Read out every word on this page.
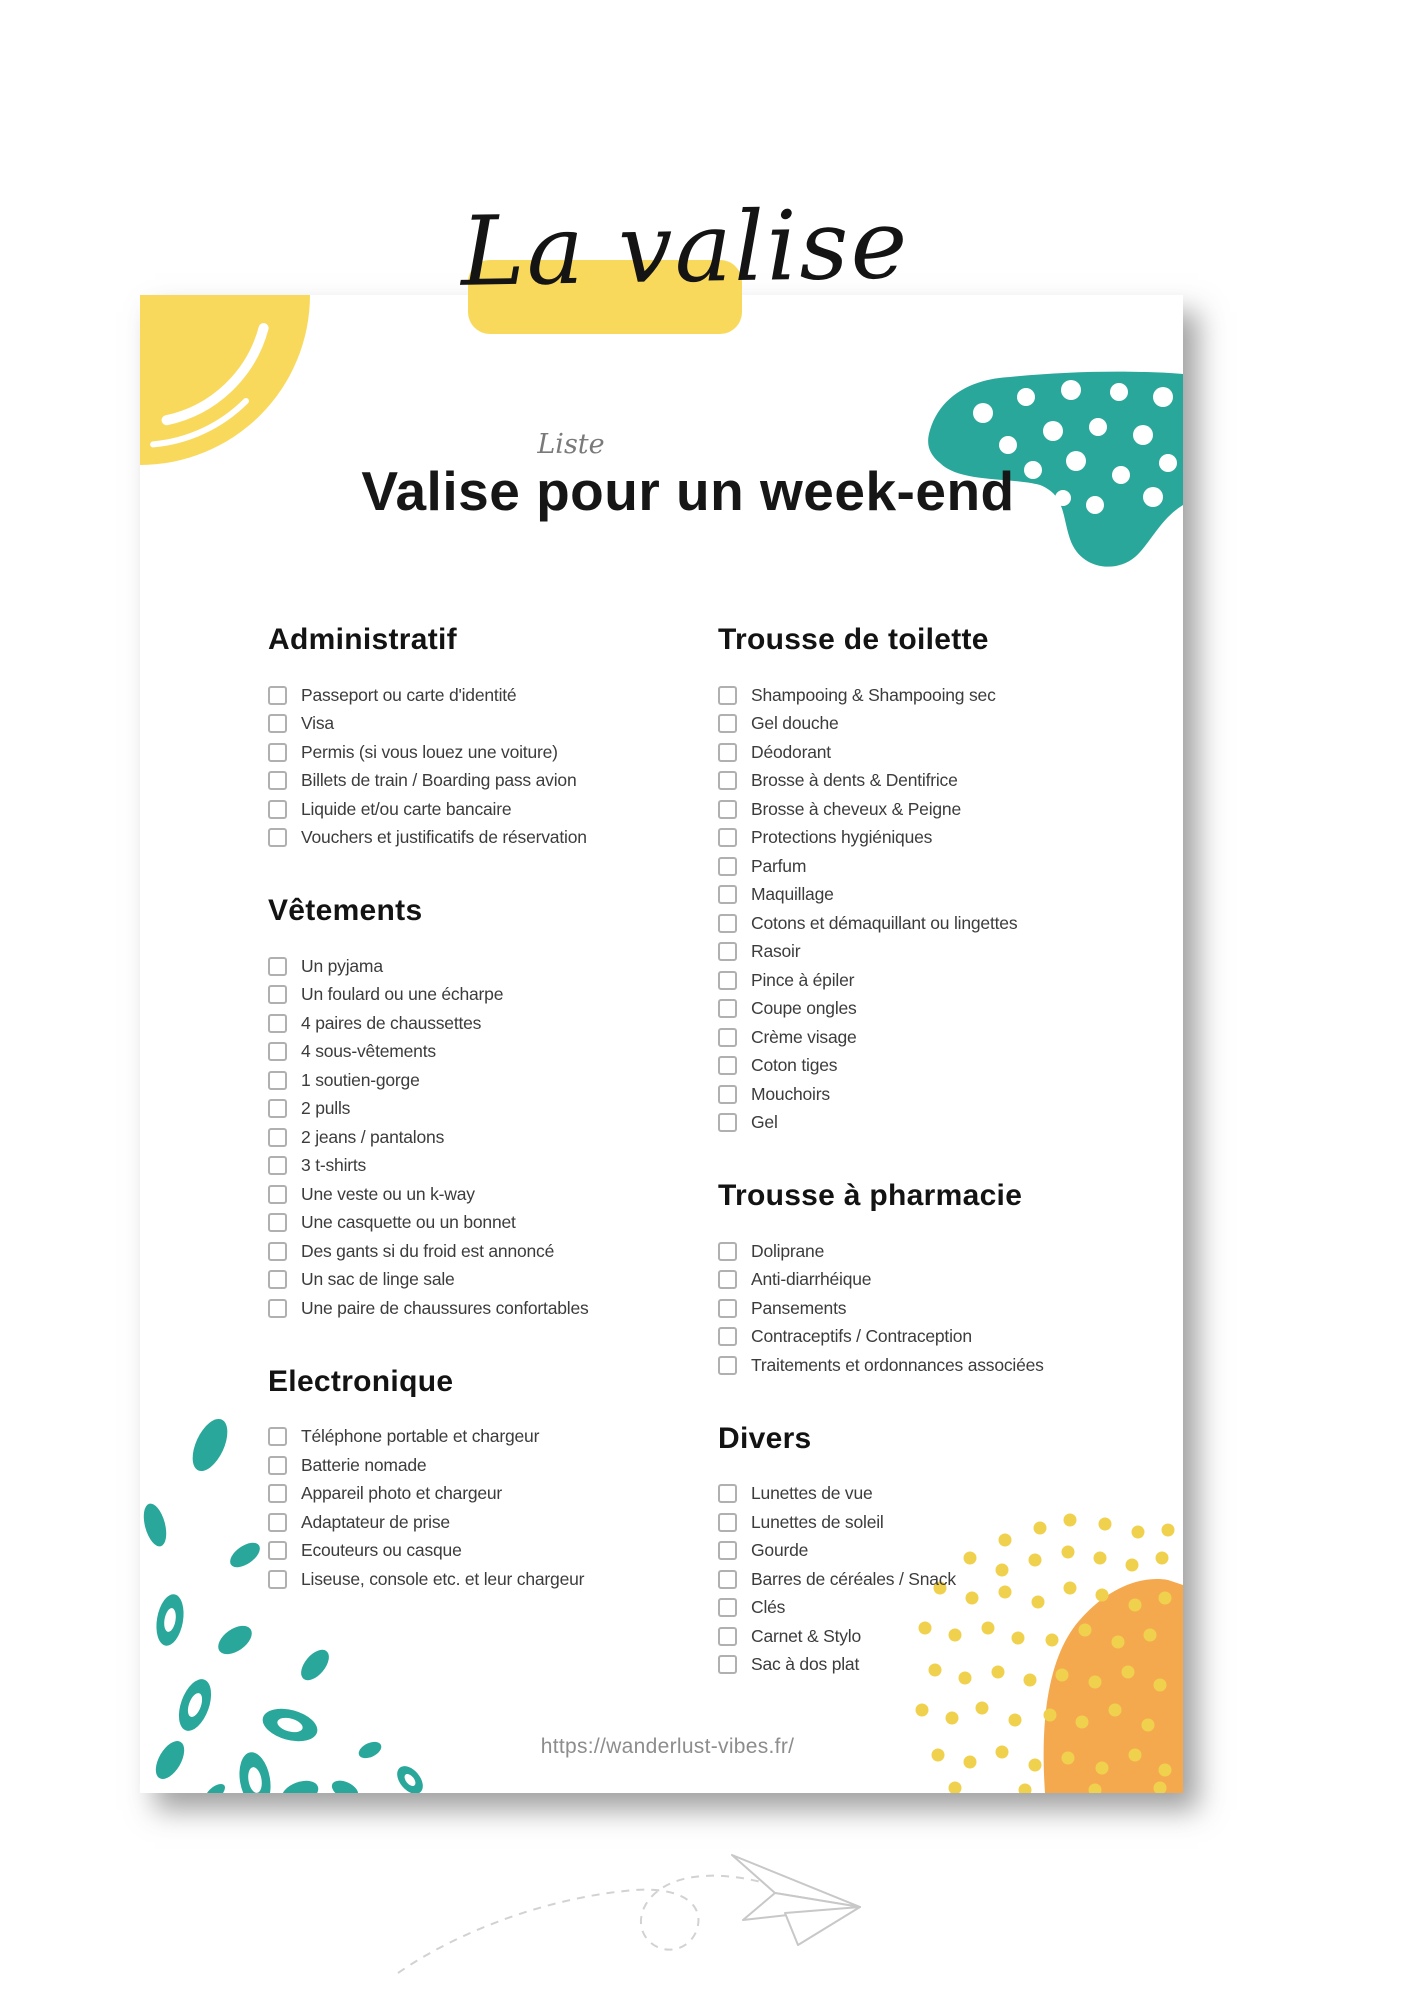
La valise
Liste
Valise pour un week-end
Administratif
Passeport ou carte d'identité
Visa
Permis (si vous louez une voiture)
Billets de train / Boarding pass avion
Liquide et/ou carte bancaire
Vouchers et justificatifs de réservation
Vêtements
Un pyjama
Un foulard ou une écharpe
4 paires de chaussettes
4 sous-vêtements
1 soutien-gorge
2 pulls
2 jeans / pantalons
3 t-shirts
Une veste ou un k-way
Une casquette ou un bonnet
Des gants si du froid est annoncé
Un sac de linge sale
Une paire de chaussures confortables
Electronique
Téléphone portable et chargeur
Batterie nomade
Appareil photo et chargeur
Adaptateur de prise
Ecouteurs ou casque
Liseuse, console etc. et leur chargeur
Trousse de toilette
Shampooing & Shampooing sec
Gel douche
Déodorant
Brosse à dents & Dentifrice
Brosse à cheveux & Peigne
Protections hygiéniques
Parfum
Maquillage
Cotons et démaquillant ou lingettes
Rasoir
Pince à épiler
Coupe ongles
Crème visage
Coton tiges
Mouchoirs
Gel
Trousse à pharmacie
Doliprane
Anti-diarrhéique
Pansements
Contraceptifs / Contraception
Traitements et ordonnances associées
Divers
Lunettes de vue
Lunettes de soleil
Gourde
Barres de céréales / Snack
Clés
Carnet & Stylo
Sac à dos plat
https://wanderlust-vibes.fr/
